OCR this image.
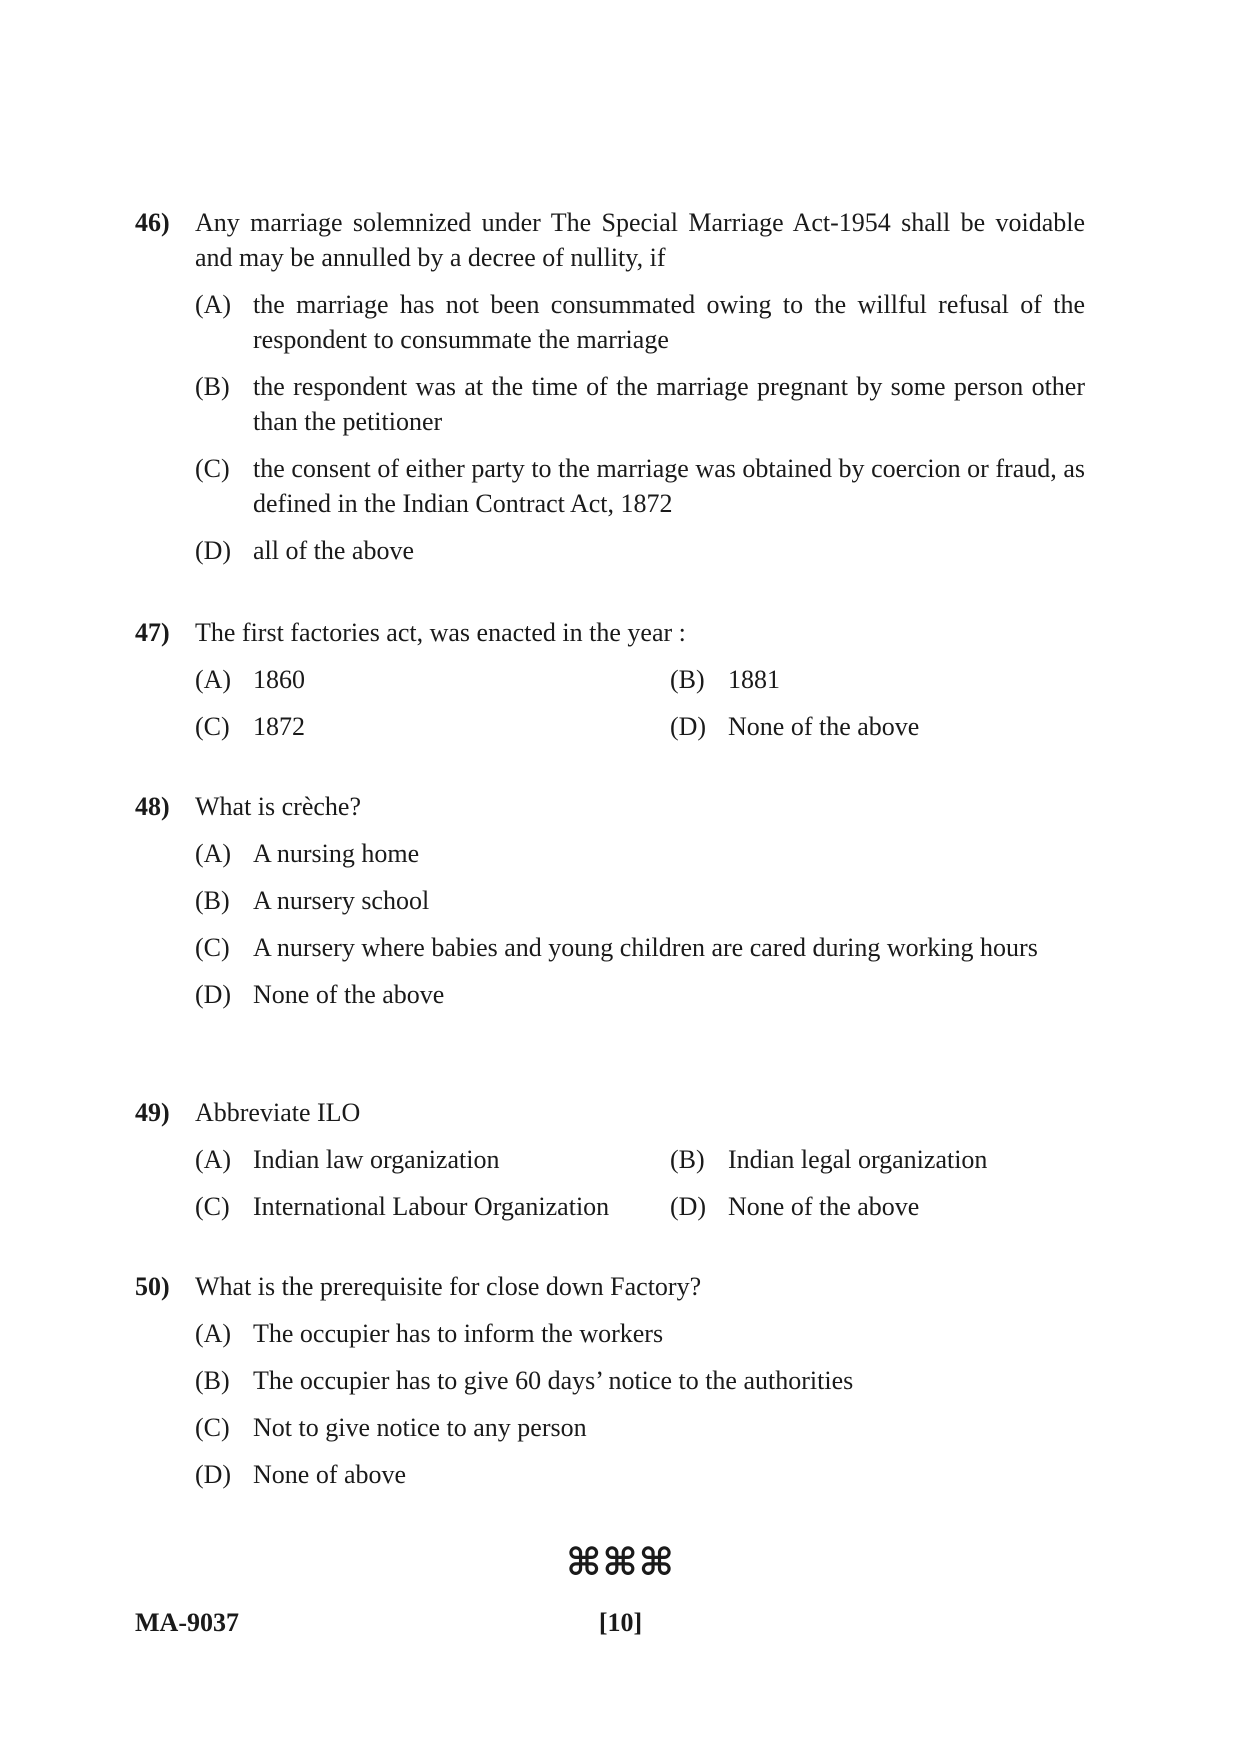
46) Any marriage solemnized under The Special Marriage Act-1954 shall be voidable and may be annulled by a decree of nullity, if
(A) the marriage has not been consummated owing to the willful refusal of the respondent to consummate the marriage
(B) the respondent was at the time of the marriage pregnant by some person other than the petitioner
(C) the consent of either party to the marriage was obtained by coercion or fraud, as defined in the Indian Contract Act, 1872
(D) all of the above
47) The first factories act, was enacted in the year :
(A) 1860	(B) 1881
(C) 1872	(D) None of the above
48) What is crèche?
(A) A nursing home
(B) A nursery school
(C) A nursery where babies and young children are cared during working hours
(D) None of the above
49) Abbreviate ILO
(A) Indian law organization	(B) Indian legal organization
(C) International Labour Organization	(D) None of the above
50) What is the prerequisite for close down Factory?
(A) The occupier has to inform the workers
(B) The occupier has to give 60 days’ notice to the authorities
(C) Not to give notice to any person
(D) None of above
⌘⌘⌘
MA-9037	[10]
